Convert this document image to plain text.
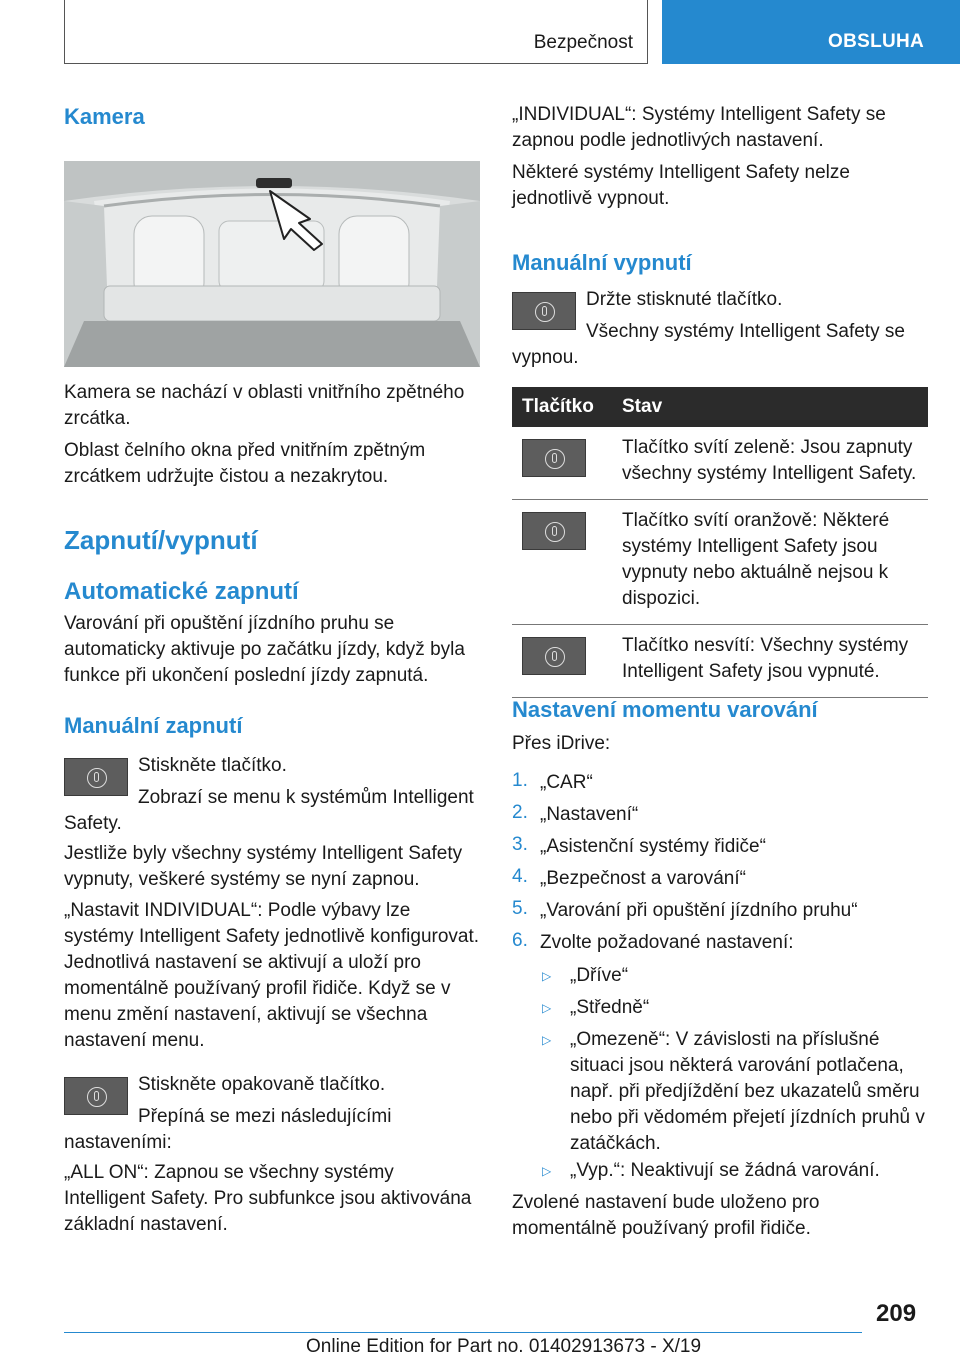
Bezpečnost	OBSLUHA
Kamera

Kamera se nachází v oblasti vnitřního zpětného zrcátka.

Oblast čelního okna před vnitřním zpětným zrcátkem udržujte čistou a nezakrytou.

Zapnutí/vypnutí
Automatické zapnutí

Varování při opuštění jízdního pruhu se automaticky aktivuje po začátku jízdy, když byla funkce při ukončení poslední jízdy zapnutá.

Manuální zapnutí

Stiskněte tlačítko.

Zobrazí se menu k systémům Intelligent Safety.

Jestliže byly všechny systémy Intelligent Safety vypnuty, veškeré systémy se nyní zapnou.

„Nastavit INDIVIDUAL“: Podle výbavy lze systémy Intelligent Safety jednotlivě konfigurovat. Jednotlivá nastavení se aktivují a uloží pro momentálně používaný profil řidiče. Když se v menu změní nastavení, aktivují se všechna nastavení menu.

Stiskněte opakovaně tlačítko.

Přepíná se mezi následujícími nastaveními:

„ALL ON“: Zapnou se všechny systémy Intelligent Safety. Pro subfunkce jsou aktivována základní nastavení.

„INDIVIDUAL“: Systémy Intelligent Safety se zapnou podle jednotlivých nastavení.

Některé systémy Intelligent Safety nelze jednotlivě vypnout.

Manuální vypnutí

Držte stisknuté tlačítko.

Všechny systémy Intelligent Safety se vypnou.

Tlačítko	Stav

	Tlačítko svítí zeleně: Jsou zapnuty všechny systémy Intelligent Safety.

	Tlačítko svítí oranžově: Některé systémy Intelligent Safety jsou vypnuty nebo aktuálně nejsou k dispozici.

	Tlačítko nesvítí: Všechny systémy Intelligent Safety jsou vypnuté.
Nastavení momentu varování

Přes iDrive:

1. „CAR“

2. „Nastavení“

3. „Asistenční systémy řidiče“

4. „Bezpečnost a varování“

5. „Varování při opuštění jízdního pruhu“

6. Zvolte požadované nastavení:

▷ „Dříve“

▷ „Středně“

▷ „Omezeně“: V závislosti na příslušné situaci jsou některá varování potlačena, např. při předjíždění bez ukazatelů směru nebo při vědomém přejetí jízdních pruhů v zatáčkách.

▷ „Vyp.“: Neaktivují se žádná varování.

Zvolené nastavení bude uloženo pro momentálně používaný profil řidiče.

209
Online Edition for Part no. 01402913673 - X/19
